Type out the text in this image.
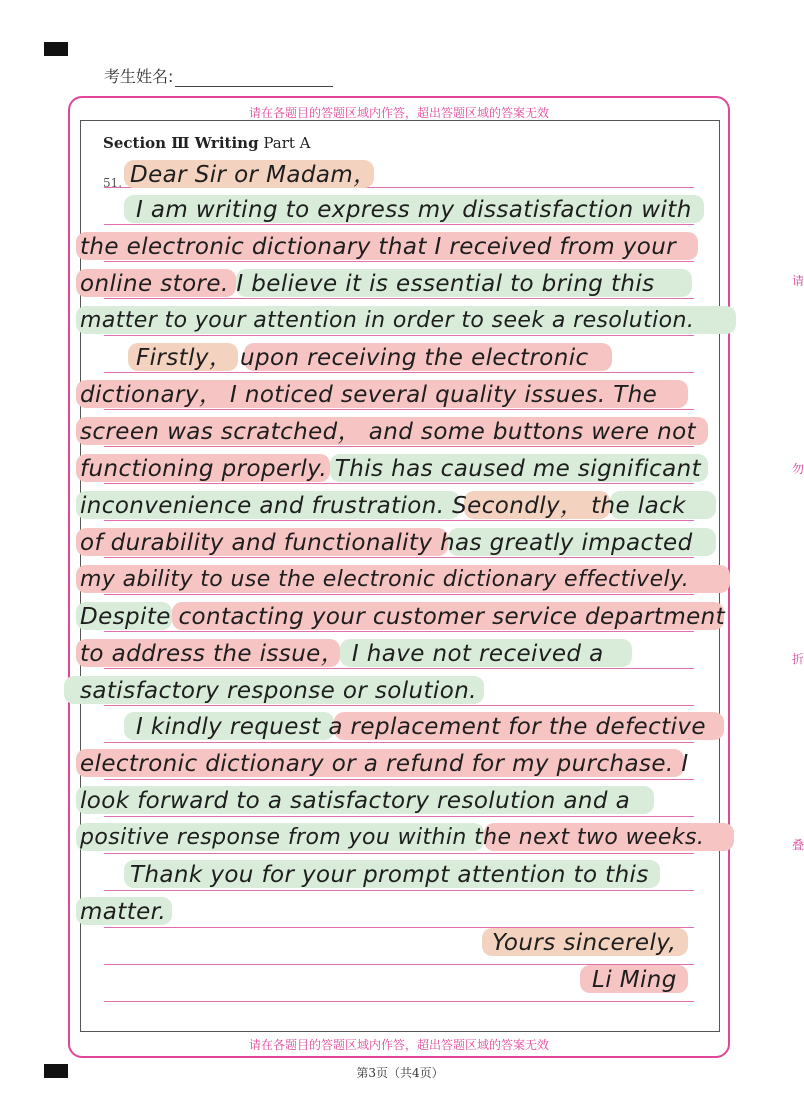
考生姓名:
请在各题目的答题区域内作答，超出答题区域的答案无效
请在各题目的答题区域内作答，超出答题区域的答案无效
Section Ⅲ Writing Part A
51. Dear Sir or Madam，
I am writing to express my dissatisfaction with
the electronic dictionary that I received from your
online store. I believe it is essential to bring this
matter to your attention in order to seek a resolution.
Firstly， upon receiving the electronic
dictionary， I noticed several quality issues. The
screen was scratched， and some buttons were not
functioning properly. This has caused me significant
inconvenience and frustration. Secondly， the lack
of durability and functionality has greatly impacted
my ability to use the electronic dictionary effectively.
Despite contacting your customer service department
to address the issue， I have not received a
satisfactory response or solution.
I kindly request a replacement for the defective
electronic dictionary or a refund for my purchase. I
look forward to a satisfactory resolution and a
positive response from you within the next two weeks.
Thank you for your prompt attention to this
matter.
Yours sincerely,
Li Ming
请
勿
折
叠
第3页（共4页）
